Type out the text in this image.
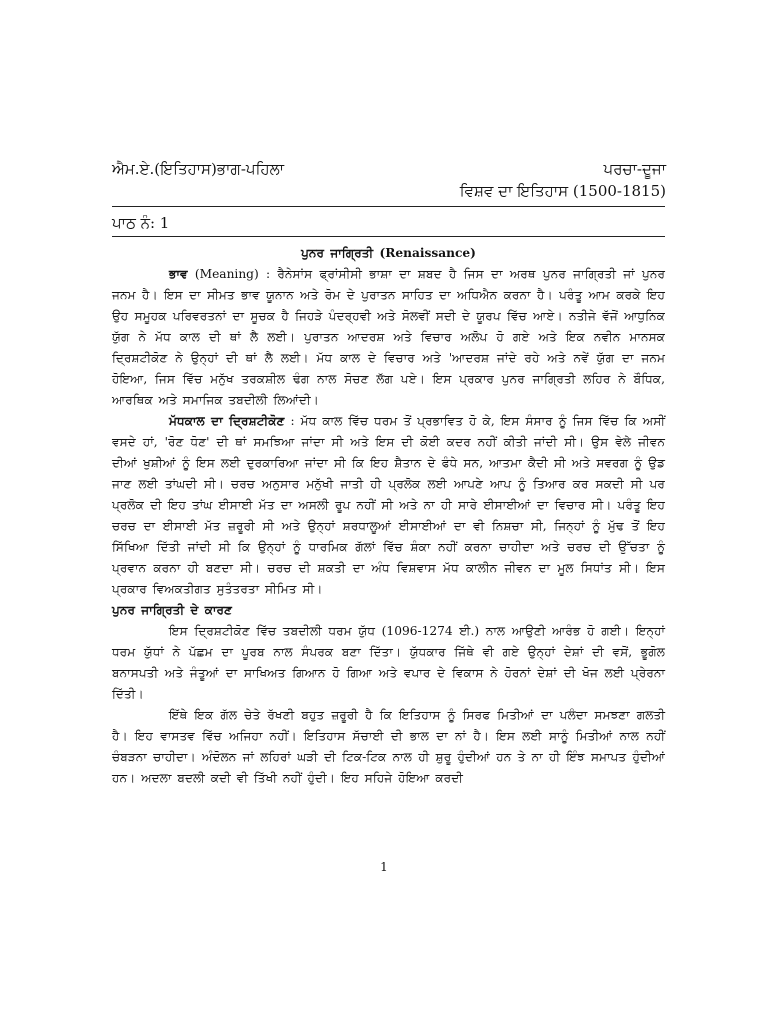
ਐਮ.ਏ.(ਇਤਿਹਾਸ)ਭਾਗ-ਪਹਿਲਾ	ਪਰਚਾ-ਦੂਜਾ
ਵਿਸ਼ਵ ਦਾ ਇਤਿਹਾਸ (1500-1815)
ਪਾਠ ਨੰ: 1

ਪੁਨਰ ਜਾਗ੍ਰਿਤੀ (Renaissance)

ਭਾਵ (Meaning) : ਰੈਨੇਸਾਂਸ ਫ੍ਰਾਂਸੀਸੀ ਭਾਸ਼ਾ ਦਾ ਸ਼ਬਦ ਹੈ ਜਿਸ ਦਾ ਅਰਥ ਪੁਨਰ ਜਾਗ੍ਰਿਤੀ ਜਾਂ ਪੁਨਰ ਜਨਮ ਹੈ। ਇਸ ਦਾ ਸੀਮਤ ਭਾਵ ਯੂਨਾਨ ਅਤੇ ਰੋਮ ਦੇ ਪੁਰਾਤਨ ਸਾਹਿਤ ਦਾ ਅਧਿਐਨ ਕਰਨਾ ਹੈ। ਪਰੰਤੂ ਆਮ ਕਰਕੇ ਇਹ ਉਹ ਸਮੂਹਕ ਪਰਿਵਰਤਨਾਂ ਦਾ ਸੂਚਕ ਹੈ ਜਿਹੜੇ ਪੰਦਰ੍ਹਵੀ ਅਤੇ ਸੋਲਵੀਂ ਸਦੀ ਦੇ ਯੂਰਪ ਵਿੱਚ ਆਏ। ਨਤੀਜੇ ਵੱਜੋਂ ਆਧੁਨਿਕ ਯੁੱਗ ਨੇ ਮੱਧ ਕਾਲ ਦੀ ਥਾਂ ਲੈ ਲਈ। ਪੁਰਾਤਨ ਆਦਰਸ਼ ਅਤੇ ਵਿਚਾਰ ਅਲੋਪ ਹੋ ਗਏ ਅਤੇ ਇਕ ਨਵੀਨ ਮਾਨਸਕ ਦ੍ਰਿਸ਼ਟੀਕੋਣ ਨੇ ਉਨ੍ਹਾਂ ਦੀ ਥਾਂ ਲੈ ਲਈ। ਮੱਧ ਕਾਲ ਦੇ ਵਿਚਾਰ ਅਤੇ 'ਆਦਰਸ਼ ਜਾਂਦੇ ਰਹੇ ਅਤੇ ਨਵੇਂ ਯੁੱਗ ਦਾ ਜਨਮ ਹੋਇਆ, ਜਿਸ ਵਿੱਚ ਮਨੁੱਖ ਤਰਕਸ਼ੀਲ ਢੰਗ ਨਾਲ ਸੋਚਣ ਲੱਗ ਪਏ। ਇਸ ਪ੍ਰਕਾਰ ਪੁਨਰ ਜਾਗ੍ਰਿਤੀ ਲਹਿਰ ਨੇ ਬੌਧਿਕ, ਆਰਥਿਕ ਅਤੇ ਸਮਾਜਿਕ ਤਬਦੀਲੀ ਲਿਆਂਦੀ।

ਮੱਧਕਾਲ ਦਾ ਦ੍ਰਿਸ਼ਟੀਕੋਣ : ਮੱਧ ਕਾਲ ਵਿੱਚ ਧਰਮ ਤੋਂ ਪ੍ਰਭਾਵਿਤ ਹੋ ਕੇ, ਇਸ ਸੰਸਾਰ ਨੂੰ ਜਿਸ ਵਿੱਚ ਕਿ ਅਸੀਂ ਵਸਦੇ ਹਾਂ, 'ਰੋਣ ਧੋਣ' ਦੀ ਥਾਂ ਸਮਝਿਆ ਜਾਂਦਾ ਸੀ ਅਤੇ ਇਸ ਦੀ ਕੋਈ ਕਦਰ ਨਹੀਂ ਕੀਤੀ ਜਾਂਦੀ ਸੀ। ਉਸ ਵੇਲੇ ਜੀਵਨ ਦੀਆਂ ਖੁਸ਼ੀਆਂ ਨੂੰ ਇਸ ਲਈ ਦੁਰਕਾਰਿਆ ਜਾਂਦਾ ਸੀ ਕਿ ਇਹ ਸ਼ੈਤਾਨ ਦੇ ਫੰਧੇ ਸਨ, ਆਤਮਾ ਕੈਦੀ ਸੀ ਅਤੇ ਸਵਰਗ ਨੂੰ ਉਡ ਜਾਣ ਲਈ ਤਾਂਘਦੀ ਸੀ। ਚਰਚ ਅਨੁਸਾਰ ਮਨੁੱਖੀ ਜਾਤੀ ਹੀ ਪ੍ਰਲੋਕ ਲਈ ਆਪਣੇ ਆਪ ਨੂੰ ਤਿਆਰ ਕਰ ਸਕਦੀ ਸੀ ਪਰ ਪ੍ਰਲੋਕ ਦੀ ਇਹ ਤਾਂਘ ਈਸਾਈ ਮੱਤ ਦਾ ਅਸਲੀ ਰੂਪ ਨਹੀਂ ਸੀ ਅਤੇ ਨਾ ਹੀ ਸਾਰੇ ਈਸਾਈਆਂ ਦਾ ਵਿਚਾਰ ਸੀ। ਪਰੰਤੂ ਇਹ ਚਰਚ ਦਾ ਈਸਾਈ ਮੱਤ ਜ਼ਰੂਰੀ ਸੀ ਅਤੇ ਉਨ੍ਹਾਂ ਸ਼ਰਧਾਲੂਆਂ ਈਸਾਈਆਂ ਦਾ ਵੀ ਨਿਸ਼ਚਾ ਸੀ, ਜਿਨ੍ਹਾਂ ਨੂੰ ਮੁੱਢ ਤੋਂ ਇਹ ਸਿੱਖਿਆ ਦਿੱਤੀ ਜਾਂਦੀ ਸੀ ਕਿ ਉਨ੍ਹਾਂ ਨੂੰ ਧਾਰਮਿਕ ਗੱਲਾਂ ਵਿੱਚ ਸ਼ੰਕਾ ਨਹੀਂ ਕਰਨਾ ਚਾਹੀਦਾ ਅਤੇ ਚਰਚ ਦੀ ਉੱਚਤਾ ਨੂੰ ਪ੍ਰਵਾਨ ਕਰਨਾ ਹੀ ਬਣਦਾ ਸੀ। ਚਰਚ ਦੀ ਸ਼ਕਤੀ ਦਾ ਅੰਧ ਵਿਸ਼ਵਾਸ ਮੱਧ ਕਾਲੀਨ ਜੀਵਨ ਦਾ ਮੂਲ ਸਿਧਾਂਤ ਸੀ। ਇਸ ਪ੍ਰਕਾਰ ਵਿਅਕਤੀਗਤ ਸੁਤੰਤਰਤਾ ਸੀਮਿਤ ਸੀ।

ਪੁਨਰ ਜਾਗ੍ਰਿਤੀ ਦੇ ਕਾਰਣ

ਇਸ ਦ੍ਰਿਸ਼ਟੀਕੋਣ ਵਿੱਚ ਤਬਦੀਲੀ ਧਰਮ ਯੁੱਧ (1096-1274 ਈ.) ਨਾਲ ਆਉਣੀ ਆਰੰਭ ਹੋ ਗਈ। ਇਨ੍ਹਾਂ ਧਰਮ ਯੁੱਧਾਂ ਨੇ ਪੱਛਮ ਦਾ ਪੂਰਬ ਨਾਲ ਸੰਪਰਕ ਬਣਾ ਦਿੱਤਾ। ਯੁੱਧਕਾਰ ਜਿੱਥੇ ਵੀ ਗਏ ਉਨ੍ਹਾਂ ਦੇਸ਼ਾਂ ਦੀ ਵਸੋਂ, ਭੂਗੋਲ ਬਨਾਸਪਤੀ ਅਤੇ ਜੰਤੂਆਂ ਦਾ ਸਾਖਿਅਤ ਗਿਆਨ ਹੋ ਗਿਆ ਅਤੇ ਵਪਾਰ ਦੇ ਵਿਕਾਸ ਨੇ ਹੋਰਨਾਂ ਦੇਸ਼ਾਂ ਦੀ ਖੋਜ ਲਈ ਪ੍ਰੇਰਨਾ ਦਿੱਤੀ।

ਇੱਥੇ ਇਕ ਗੱਲ ਚੇਤੇ ਰੱਖਣੀ ਬਹੁਤ ਜ਼ਰੂਰੀ ਹੈ ਕਿ ਇਤਿਹਾਸ ਨੂੰ ਸਿਰਫ ਮਿਤੀਆਂ ਦਾ ਪਲੰਦਾ ਸਮਝਣਾ ਗਲਤੀ ਹੈ। ਇਹ ਵਾਸਤਵ ਵਿੱਚ ਅਜਿਹਾ ਨਹੀਂ। ਇਤਿਹਾਸ ਸੱਚਾਈ ਦੀ ਭਾਲ ਦਾ ਨਾਂ ਹੈ। ਇਸ ਲਈ ਸਾਨੂੰ ਮਿਤੀਆਂ ਨਾਲ ਨਹੀਂ ਚੰਬੜਨਾ ਚਾਹੀਦਾ। ਅੰਦੋਲਨ ਜਾਂ ਲਹਿਰਾਂ ਘੜੀ ਦੀ ਟਿਕ-ਟਿਕ ਨਾਲ ਹੀ ਸ਼ੁਰੂ ਹੁੰਦੀਆਂ ਹਨ ਤੇ ਨਾ ਹੀ ਇੰਝ ਸਮਾਪਤ ਹੁੰਦੀਆਂ ਹਨ। ਅਦਲਾ ਬਦਲੀ ਕਦੀ ਵੀ ਤਿੱਖੀ ਨਹੀਂ ਹੁੰਦੀ। ਇਹ ਸਹਿਜੇ ਹੋਇਆ ਕਰਦੀ

1
